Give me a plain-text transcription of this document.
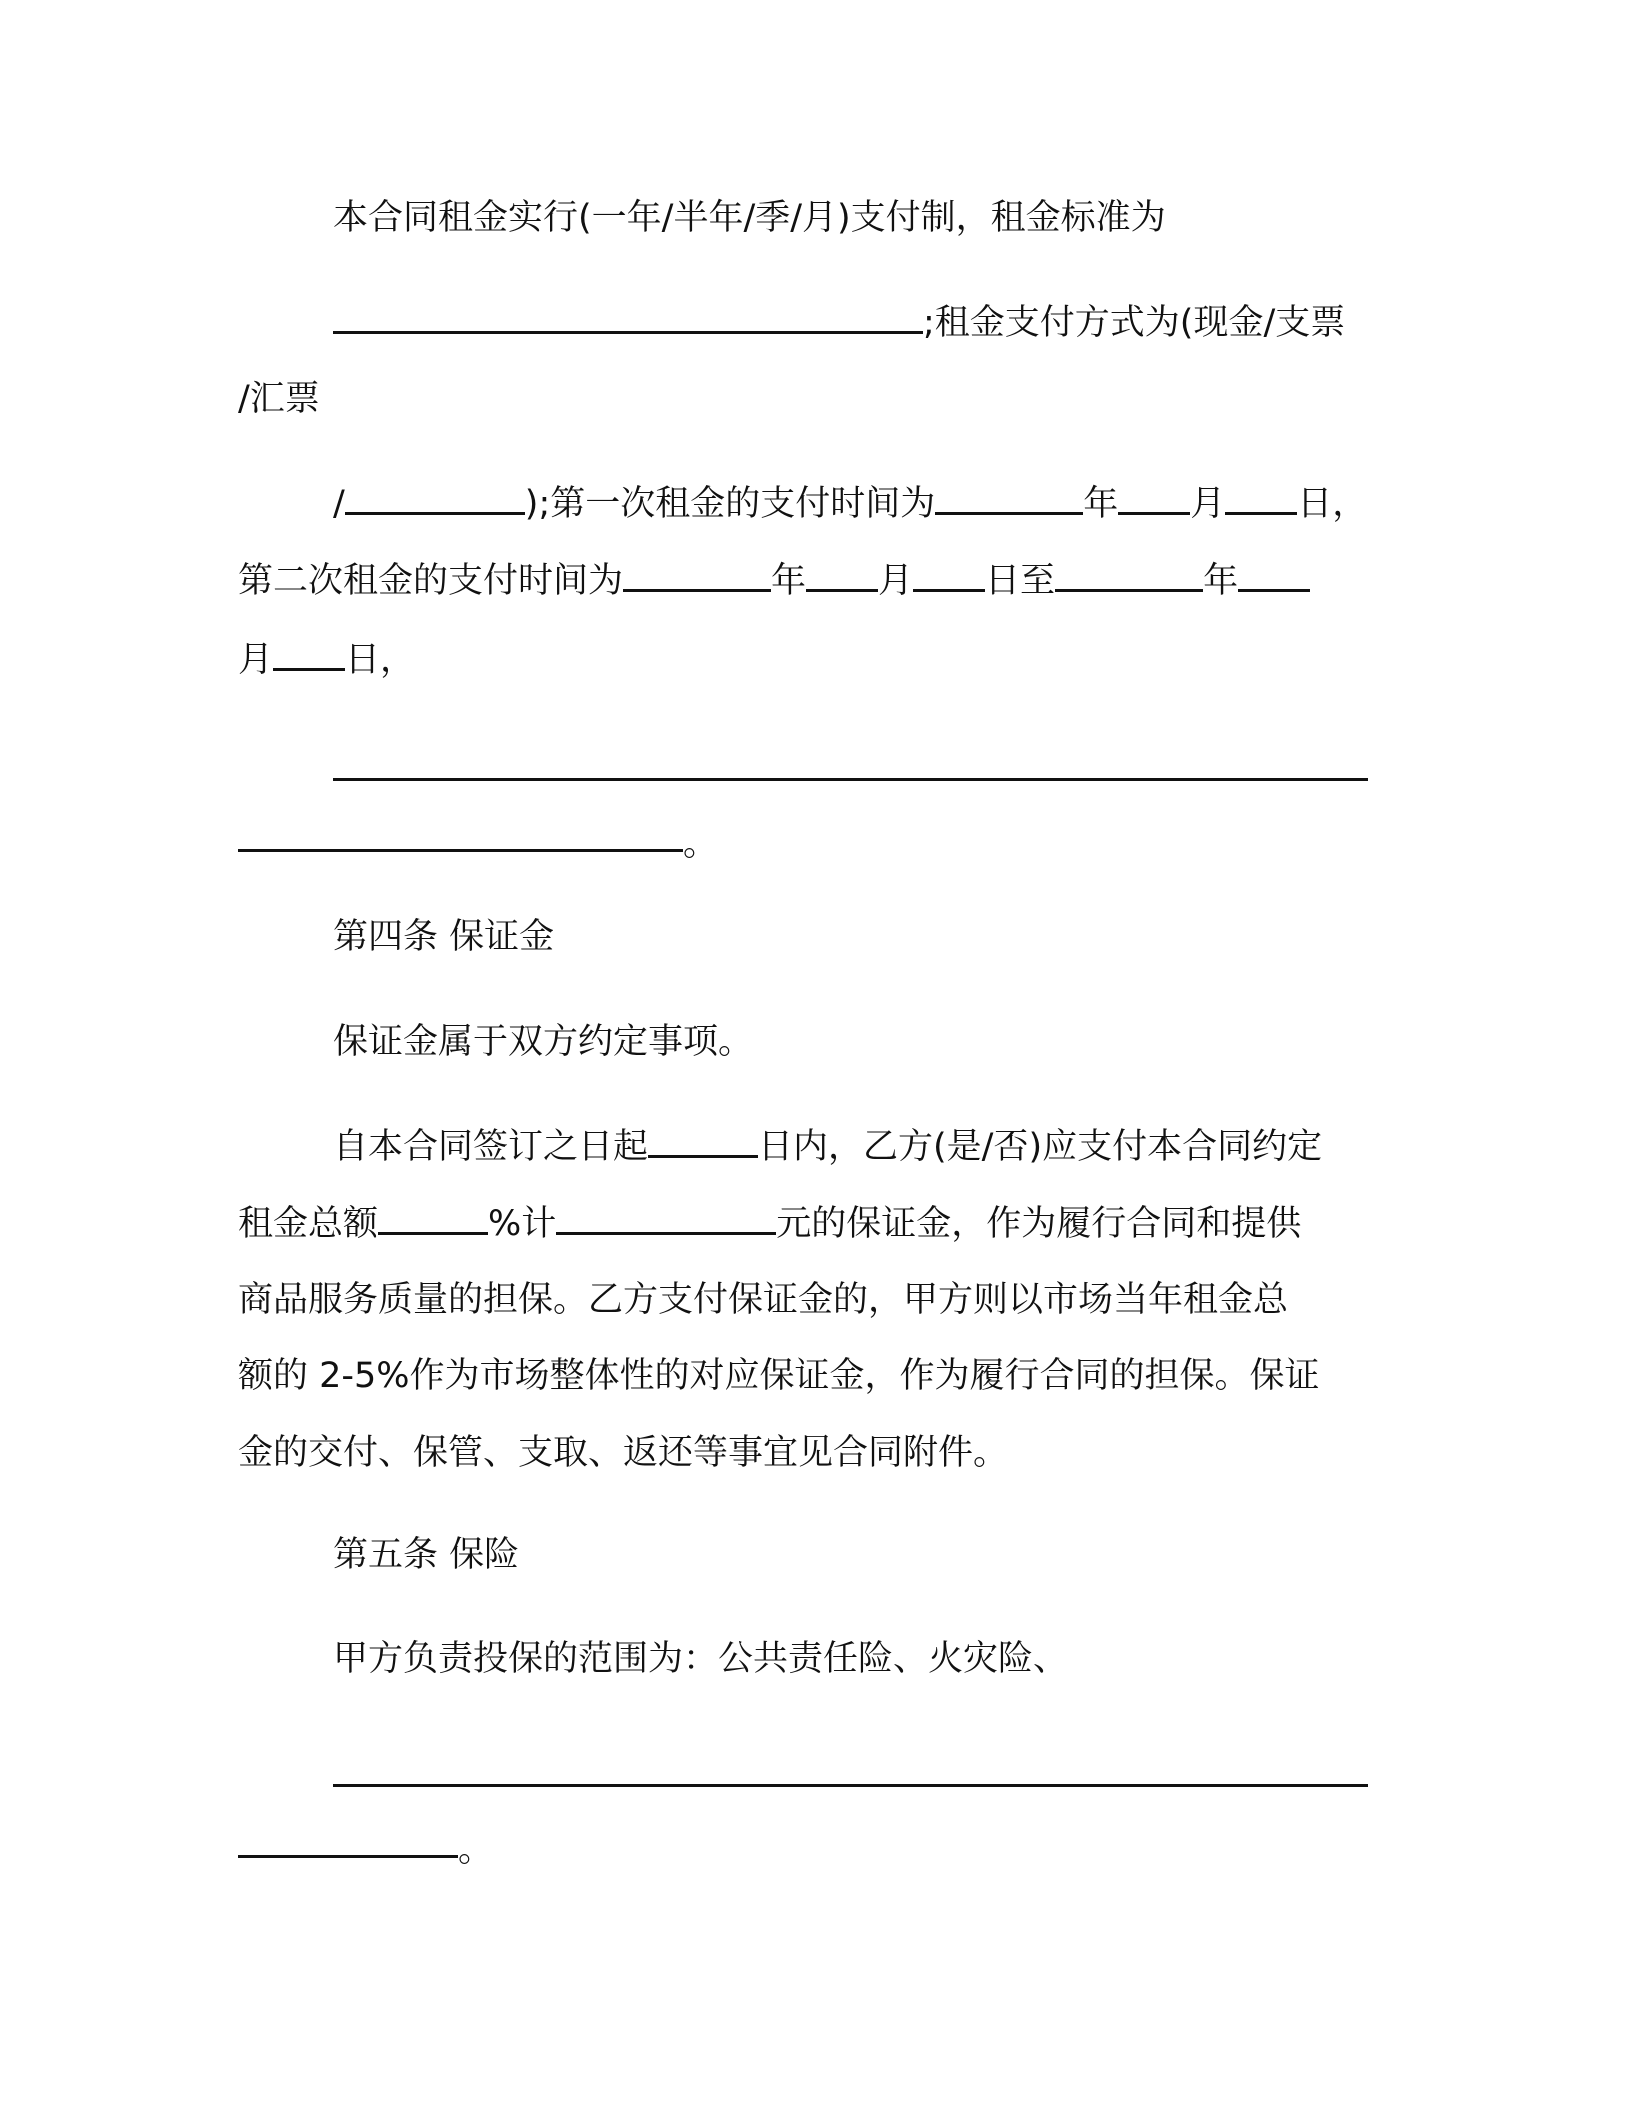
本合同租金实行(一年/半年/季/月)支付制，租金标准为
;租金支付方式为(现金/支票
/汇票
/	);第一次租金的支付时间为	年 月 日，
第二次租金的支付时间为	年 月 日至	年
月 日，
。
第四条 保证金
保证金属于双方约定事项。
自本合同签订之日起	日内，乙方(是/否)应支付本合同约定
租金总额	%计	元的保证金，作为履行合同和提供
商品服务质量的担保。乙方支付保证金的，甲方则以市场当年租金总
额的 2-5%作为市场整体性的对应保证金，作为履行合同的担保。保证
金的交付、保管、支取、返还等事宜见合同附件。
第五条 保险
甲方负责投保的范围为：公共责任险、火灾险、
。
